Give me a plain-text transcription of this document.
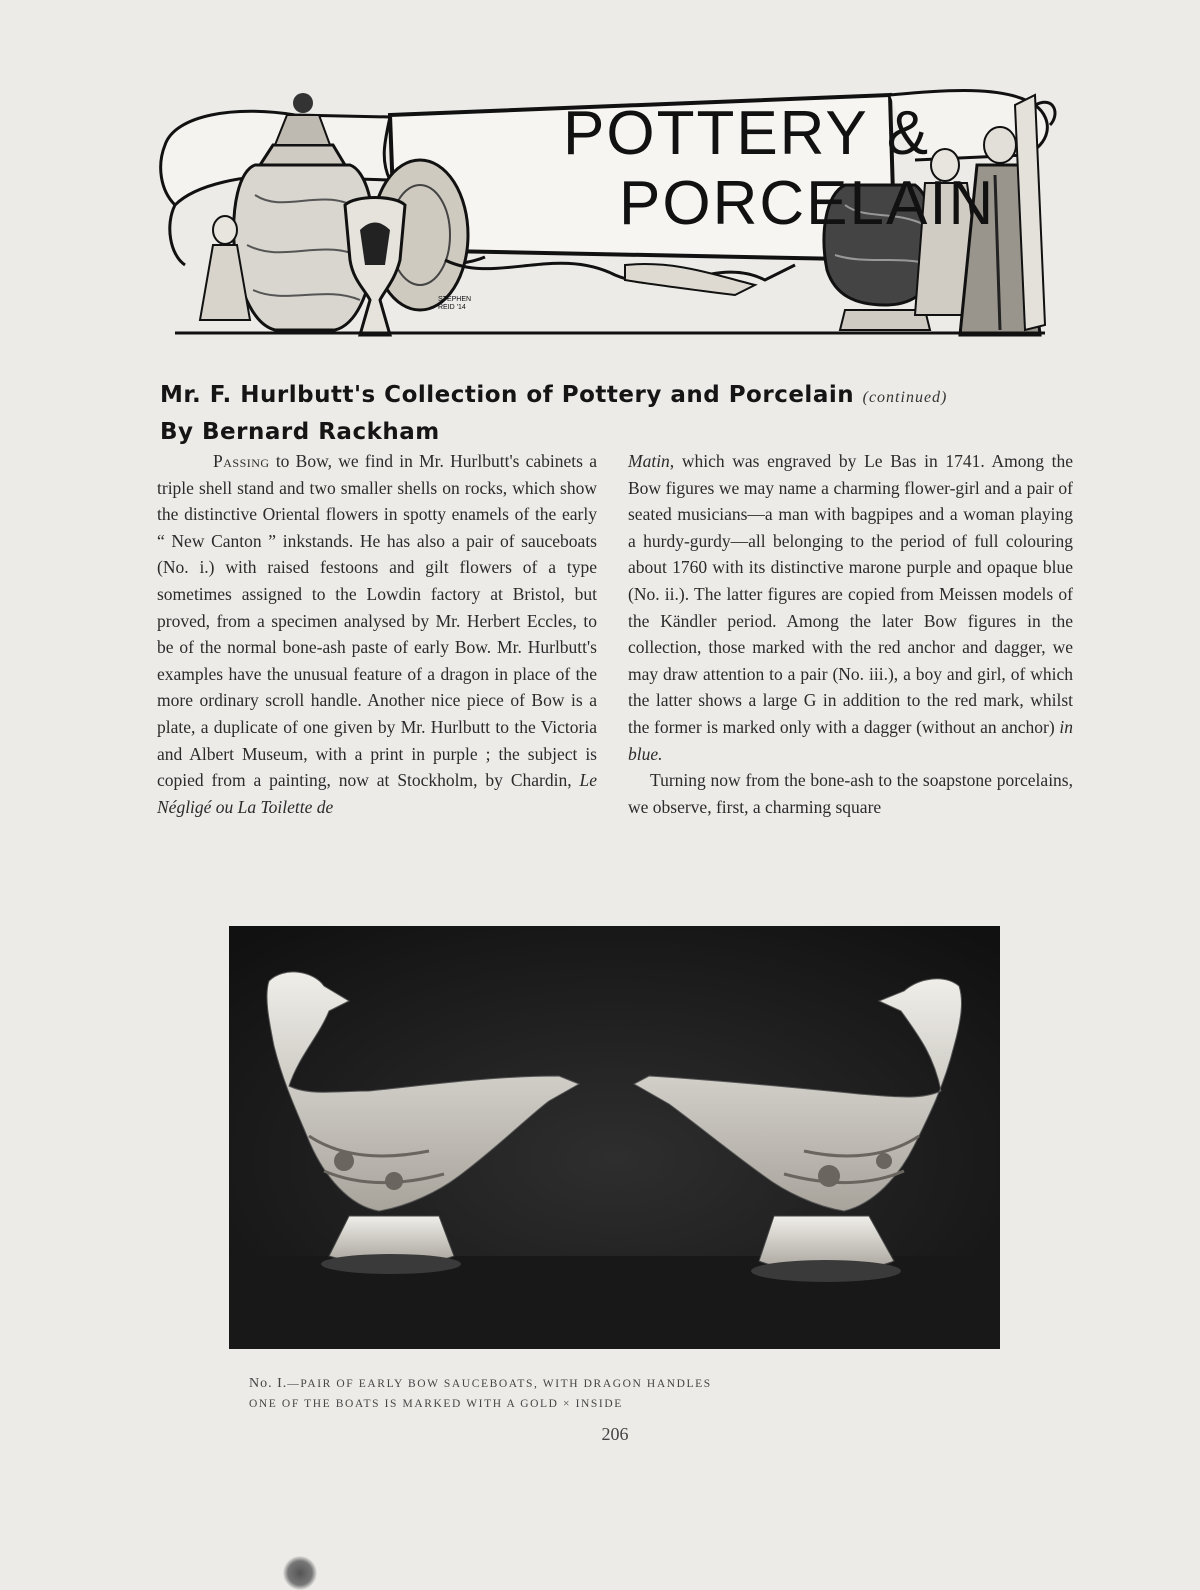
POTTERY &
PORCELAIN
STEPHEN REID '14
Mr. F. Hurlbutt's Collection of Pottery and Porcelain (continued)
By Bernard Rackham

Passing to Bow, we find in Mr. Hurlbutt's cabinets a triple shell stand and two smaller shells on rocks, which show the distinctive Oriental flowers in spotty enamels of the early “ New Canton ” inkstands. He has also a pair of sauceboats (No. i.) with raised festoons and gilt flowers of a type sometimes assigned to the Lowdin factory at Bristol, but proved, from a specimen analysed by Mr. Herbert Eccles, to be of the normal bone-ash paste of early Bow. Mr. Hurlbutt's examples have the unusual feature of a dragon in place of the more ordinary scroll handle. Another nice piece of Bow is a plate, a duplicate of one given by Mr. Hurlbutt to the Victoria and Albert Museum, with a print in purple ; the subject is copied from a painting, now at Stockholm, by Chardin, Le Négligé ou La Toilette de

Matin, which was engraved by Le Bas in 1741. Among the Bow figures we may name a charming flower-girl and a pair of seated musicians—a man with bagpipes and a woman playing a hurdy-gurdy—all belonging to the period of full colouring about 1760 with its distinctive marone purple and opaque blue (No. ii.). The latter figures are copied from Meissen models of the Kändler period. Among the later Bow figures in the collection, those marked with the red anchor and dagger, we may draw attention to a pair (No. iii.), a boy and girl, of which the latter shows a large G in addition to the red mark, whilst the former is marked only with a dagger (without an anchor) in blue.

Turning now from the bone-ash to the soapstone porcelains, we observe, first, a charming square

No. I.—PAIR OF EARLY BOW SAUCEBOATS, WITH DRAGON HANDLES
ONE OF THE BOATS IS MARKED WITH A GOLD × INSIDE
206
